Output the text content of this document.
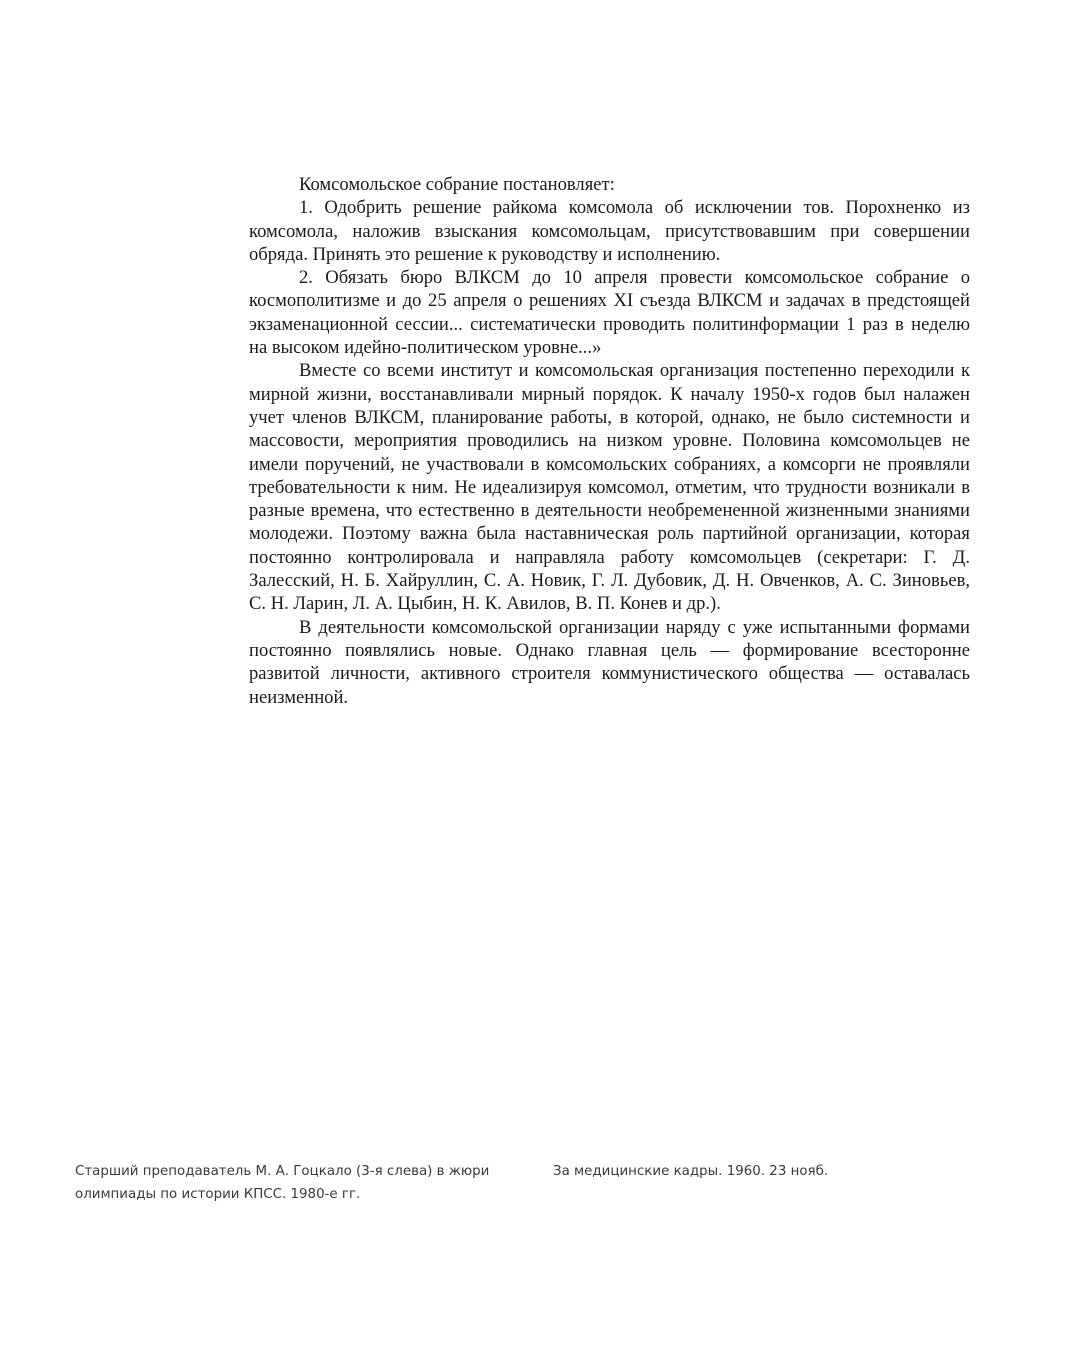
Комсомольское собрание постановляет:

1. Одобрить решение райкома комсомола об исключении тов. Порохненко из комсомола, наложив взыскания комсомольцам, присутствовавшим при совершении обряда. Принять это решение к руководству и исполнению.

2. Обязать бюро ВЛКСМ до 10 апреля провести комсомольское собрание о космополитизме и до 25 апреля о решениях XI съезда ВЛКСМ и задачах в предстоящей экзаменационной сессии... систематически проводить политинформации 1 раз в неделю на высоком идейно-политическом уровне...»

Вместе со всеми институт и комсомольская организация постепенно переходили к мирной жизни, восстанавливали мирный порядок. К началу 1950-х годов был налажен учет членов ВЛКСМ, планирование работы, в которой, однако, не было системности и массовости, мероприятия проводились на низком уровне. Половина комсомольцев не имели поручений, не участвовали в комсомольских собраниях, а комсорги не проявляли требовательности к ним. Не идеализируя комсомол, отметим, что трудности возникали в разные времена, что естественно в деятельности необремененной жизненными знаниями молодежи. Поэтому важна была наставническая роль партийной организации, которая постоянно контролировала и направляла работу комсомольцев (секретари: Г. Д. Залесский, Н. Б. Хайруллин, С. А. Новик, Г. Л. Дубовик, Д. Н. Овченков, А. С. Зиновьев, С. Н. Ларин, Л. А. Цыбин, Н. К. Авилов, В. П. Конев и др.).

В деятельности комсомольской организации наряду с уже испытанными формами постоянно появлялись новые. Однако главная цель — формирование всесторонне развитой личности, активного строителя коммунистического общества — оставалась неизменной.

Старший преподаватель М. А. Гоцкало (3-я слева) в жюри
олимпиады по истории КПСС. 1980-е гг.
За медицинские кадры. 1960. 23 нояб.
